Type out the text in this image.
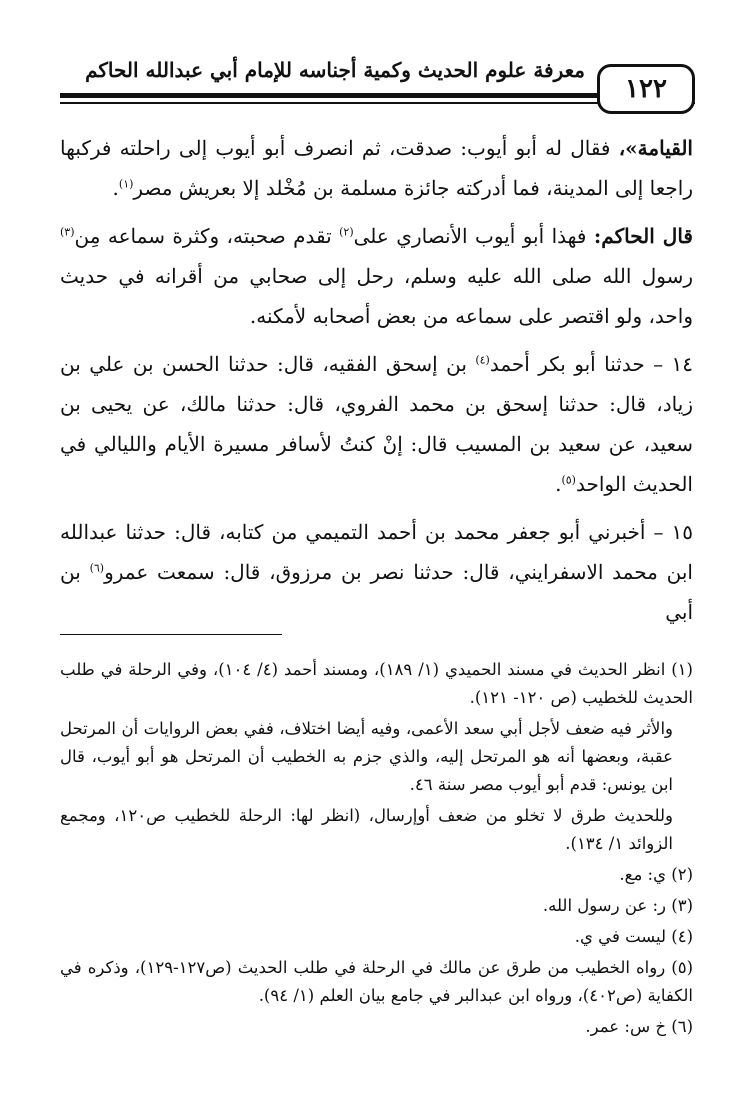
١٢٢
معرفة علوم الحديث وكمية أجناسه للإمام أبي عبدالله الحاكم

القيامة»، فقال له أبو أيوب: صدقت، ثم انصرف أبو أيوب إلى راحلته فركبها راجعا إلى المدينة، فما أدركته جائزة مسلمة بن مُخْلد إلا بعريش مصر$^{(١)}$.

قال الحاكم: فهذا أبو أيوب الأنصاري على$^{(٢)}$ تقدم صحبته، وكثرة سماعه مِن$^{(٣)}$ رسول الله صلى الله عليه وسلم، رحل إلى صحابي من أقرانه في حديث واحد، ولو اقتصر على سماعه من بعض أصحابه لأمكنه.

١٤ – حدثنا أبو بكر أحمد$^{(٤)}$ بن إسحق الفقيه، قال: حدثنا الحسن بن علي بن زياد، قال: حدثنا إسحق بن محمد الفروي، قال: حدثنا مالك، عن يحيى بن سعيد، عن سعيد بن المسيب قال: إنْ كنتُ لأسافر مسيرة الأيام والليالي في الحديث الواحد$^{(٥)}$.

١٥ – أخبرني أبو جعفر محمد بن أحمد التميمي من كتابه، قال: حدثنا عبدالله ابن محمد الاسفرايني، قال: حدثنا نصر بن مرزوق، قال: سمعت عمرو$^{(٦)}$ بن أبي

(١) انظر الحديث في مسند الحميدي (١/ ١٨٩)، ومسند أحمد (٤/ ١٠٤)، وفي الرحلة في طلب الحديث للخطيب (ص ١٢٠- ١٢١).

والأثر فيه ضعف لأجل أبي سعد الأعمى، وفيه أيضا اختلاف، ففي بعض الروايات أن المرتحل عقبة، وبعضها أنه هو المرتحل إليه، والذي جزم به الخطيب أن المرتحل هو أبو أيوب، قال ابن يونس: قدم أبو أيوب مصر سنة ٤٦.

وللحديث طرق لا تخلو من ضعف أوإرسال، (انظر لها: الرحلة للخطيب ص١٢٠، ومجمع الزوائد ١/ ١٣٤).

(٢) ي: مع.

(٣) ر: عن رسول الله.

(٤) ليست في ي.

(٥) رواه الخطيب من طرق عن مالك في الرحلة في طلب الحديث (ص١٢٧-١٢٩)، وذكره في الكفاية (ص٤٠٢)، ورواه ابن عبدالبر في جامع بيان العلم (١/ ٩٤).

(٦) خ س: عمر.
